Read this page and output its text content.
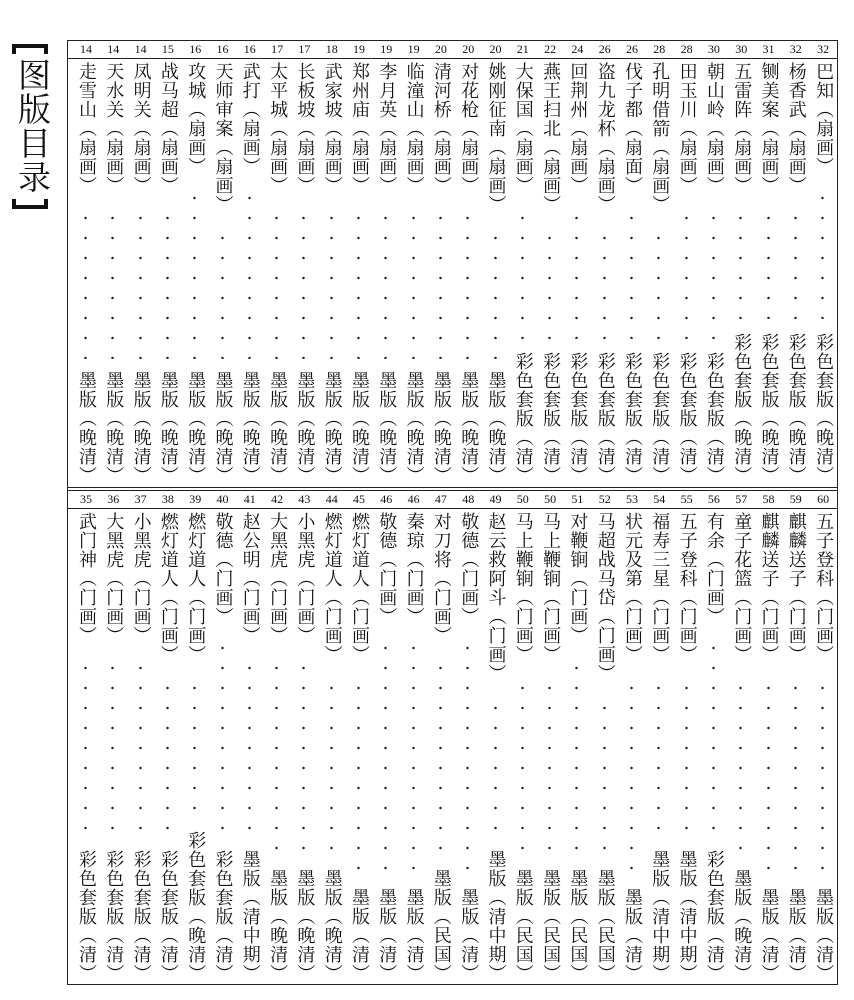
图版目录
14
走雪山（扇画）
墨版（晚清）
14
天水关（扇画）
墨版（晚清）
14
凤明关（扇画）
墨版（晚清）
15
战马超（扇画）
墨版（晚清）
16
攻城（扇画）
墨版（晚清）
16
天师审案（扇画）
墨版（晚清）
16
武打（扇画）
墨版（晚清）
17
太平城（扇画）
墨版（晚清）
17
长板坡（扇画）
墨版（晚清）
18
武家坡（扇画）
墨版（晚清）
19
郑州庙（扇画）
墨版（晚清）
19
李月英（扇画）
墨版（晚清）
19
临潼山（扇画）
墨版（晚清）
20
清河桥（扇画）
墨版（晚清）
20
对花枪（扇画）
墨版（晚清）
20
姚刚征南（扇画）
墨版（晚清）
21
大保国（扇画）
彩色套版（清）
22
燕王扫北（扇画）
彩色套版（清）
24
回荆州（扇画）
彩色套版（清）
26
盗九龙杯（扇画）
彩色套版（清）
26
伐子都（扇面）
彩色套版（清）
28
孔明借箭（扇画）
彩色套版（清）
28
田玉川（扇画）
彩色套版（清）
30
朝山岭（扇画）
彩色套版（清）
30
五雷阵（扇画）
彩色套版（晚清）
31
铡美案（扇画）
彩色套版（晚清）
32
杨香武（扇画）
彩色套版（晚清）
32
巴知（扇画）
彩色套版（晚清）
35
武门神（门画）
彩色套版（清）
36
大黑虎（门画）
彩色套版（清）
37
小黑虎（门画）
彩色套版（清）
38
燃灯道人（门画）
彩色套版（清）
39
燃灯道人（门画）
彩色套版（晚清）
40
敬德（门画）
彩色套版（清）
41
赵公明（门画）
墨版（清中期）
42
大黑虎（门画）
墨版（晚清）
43
小黑虎（门画）
墨版（晚清）
44
燃灯道人（门画）
墨版（晚清）
45
燃灯道人（门画）
墨版（清）
46
敬德（门画）
墨版（清）
46
秦琼（门画）
墨版（清）
47
对刀将（门画）
墨版（民国）
48
敬德（门画）
墨版（清）
49
赵云救阿斗（门画）
墨版（清中期）
50
马上鞭锏（门画）
墨版（民国）
50
马上鞭锏（门画）
墨版（民国）
51
对鞭锏（门画）
墨版（民国）
52
马超战马岱（门画）
墨版（民国）
53
状元及第（门画）
墨版（清）
54
福寿三星（门画）
墨版（清中期）
55
五子登科（门画）
墨版（清中期）
56
有余（门画）
彩色套版（清）
57
童子花篮（门画）
墨版（晚清）
58
麒麟送子（门画）
墨版（清）
59
麒麟送子（门画）
墨版（清）
60
五子登科（门画）
墨版（清）
